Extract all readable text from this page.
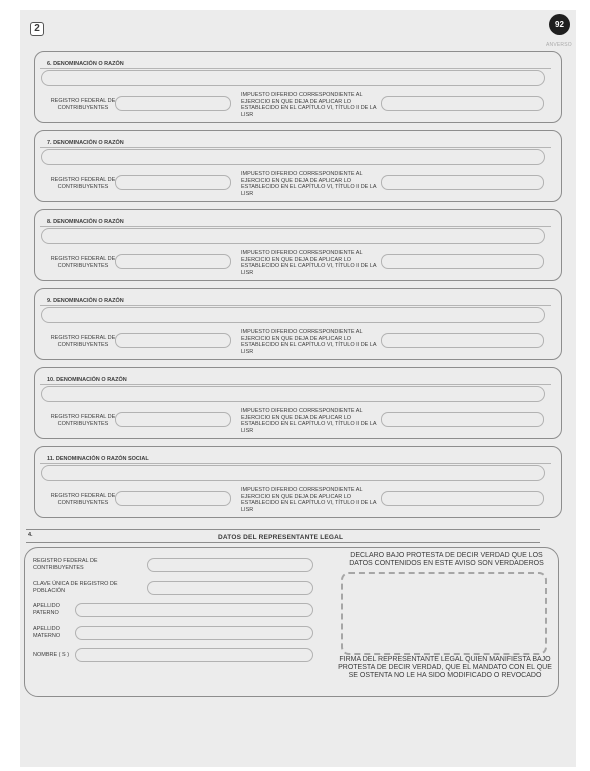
2	92
ANVERSO
6. DENOMINACIÓN O RAZÓN
REGISTRO FEDERAL DE CONTRIBUYENTES
IMPUESTO DIFERIDO CORRESPONDIENTE AL EJERCICIO EN QUE DEJA DE APLICAR LO ESTABLECIDO EN EL CAPÍTULO VI, TÍTULO II DE LA LISR
7. DENOMINACIÓN O RAZÓN
REGISTRO FEDERAL DE CONTRIBUYENTES
IMPUESTO DIFERIDO CORRESPONDIENTE AL EJERCICIO EN QUE DEJA DE APLICAR LO ESTABLECIDO EN EL CAPÍTULO VI, TÍTULO II DE LA LISR
8. DENOMINACIÓN O RAZÓN
REGISTRO FEDERAL DE CONTRIBUYENTES
IMPUESTO DIFERIDO CORRESPONDIENTE AL EJERCICIO EN QUE DEJA DE APLICAR LO ESTABLECIDO EN EL CAPÍTULO VI, TÍTULO II DE LA LISR
9. DENOMINACIÓN O RAZÓN
REGISTRO FEDERAL DE CONTRIBUYENTES
IMPUESTO DIFERIDO CORRESPONDIENTE AL EJERCICIO EN QUE DEJA DE APLICAR LO ESTABLECIDO EN EL CAPÍTULO VI, TÍTULO II DE LA LISR
10. DENOMINACIÓN O RAZÓN
REGISTRO FEDERAL DE CONTRIBUYENTES
IMPUESTO DIFERIDO CORRESPONDIENTE AL EJERCICIO EN QUE DEJA DE APLICAR LO ESTABLECIDO EN EL CAPÍTULO VI, TÍTULO II DE LA LISR
11. DENOMINACIÓN O RAZÓN SOCIAL
REGISTRO FEDERAL DE CONTRIBUYENTES
IMPUESTO DIFERIDO CORRESPONDIENTE AL EJERCICIO EN QUE DEJA DE APLICAR LO ESTABLECIDO EN EL CAPÍTULO VI, TÍTULO II DE LA LISR
4.	DATOS DEL REPRESENTANTE LEGAL
REGISTRO FEDERAL DE CONTRIBUYENTES
CLAVE ÚNICA DE REGISTRO DE POBLACIÓN
APELLIDO PATERNO
APELLIDO MATERNO
NOMBRE ( S )
DECLARO BAJO PROTESTA DE DECIR VERDAD QUE LOS DATOS CONTENIDOS EN ESTE AVISO SON VERDADEROS
FIRMA DEL REPRESENTANTE LEGAL QUIEN MANIFIESTA BAJO PROTESTA DE DECIR VERDAD, QUE EL MANDATO CON EL QUE SE OSTENTA NO LE HA SIDO MODIFICADO O REVOCADO
